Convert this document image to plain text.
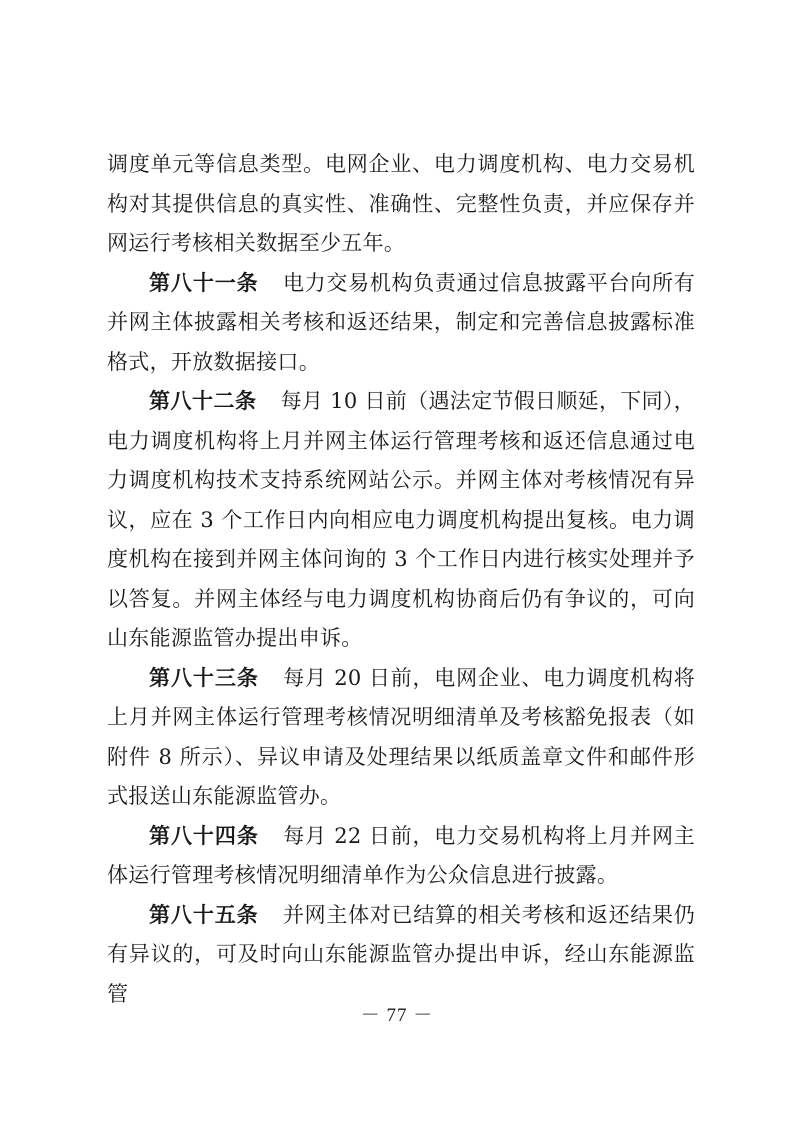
调度单元等信息类型。电网企业、电力调度机构、电力交易机构对其提供信息的真实性、准确性、完整性负责，并应保存并网运行考核相关数据至少五年。

第八十一条 电力交易机构负责通过信息披露平台向所有并网主体披露相关考核和返还结果，制定和完善信息披露标准格式，开放数据接口。

第八十二条 每月 10 日前（遇法定节假日顺延，下同），电力调度机构将上月并网主体运行管理考核和返还信息通过电力调度机构技术支持系统网站公示。并网主体对考核情况有异议，应在 3 个工作日内向相应电力调度机构提出复核。电力调度机构在接到并网主体问询的 3 个工作日内进行核实处理并予以答复。并网主体经与电力调度机构协商后仍有争议的，可向山东能源监管办提出申诉。

第八十三条 每月 20 日前，电网企业、电力调度机构将上月并网主体运行管理考核情况明细清单及考核豁免报表（如附件 8 所示）、异议申请及处理结果以纸质盖章文件和邮件形式报送山东能源监管办。

第八十四条 每月 22 日前，电力交易机构将上月并网主体运行管理考核情况明细清单作为公众信息进行披露。

第八十五条 并网主体对已结算的相关考核和返还结果仍有异议的，可及时向山东能源监管办提出申诉，经山东能源监管

－ 77 －
